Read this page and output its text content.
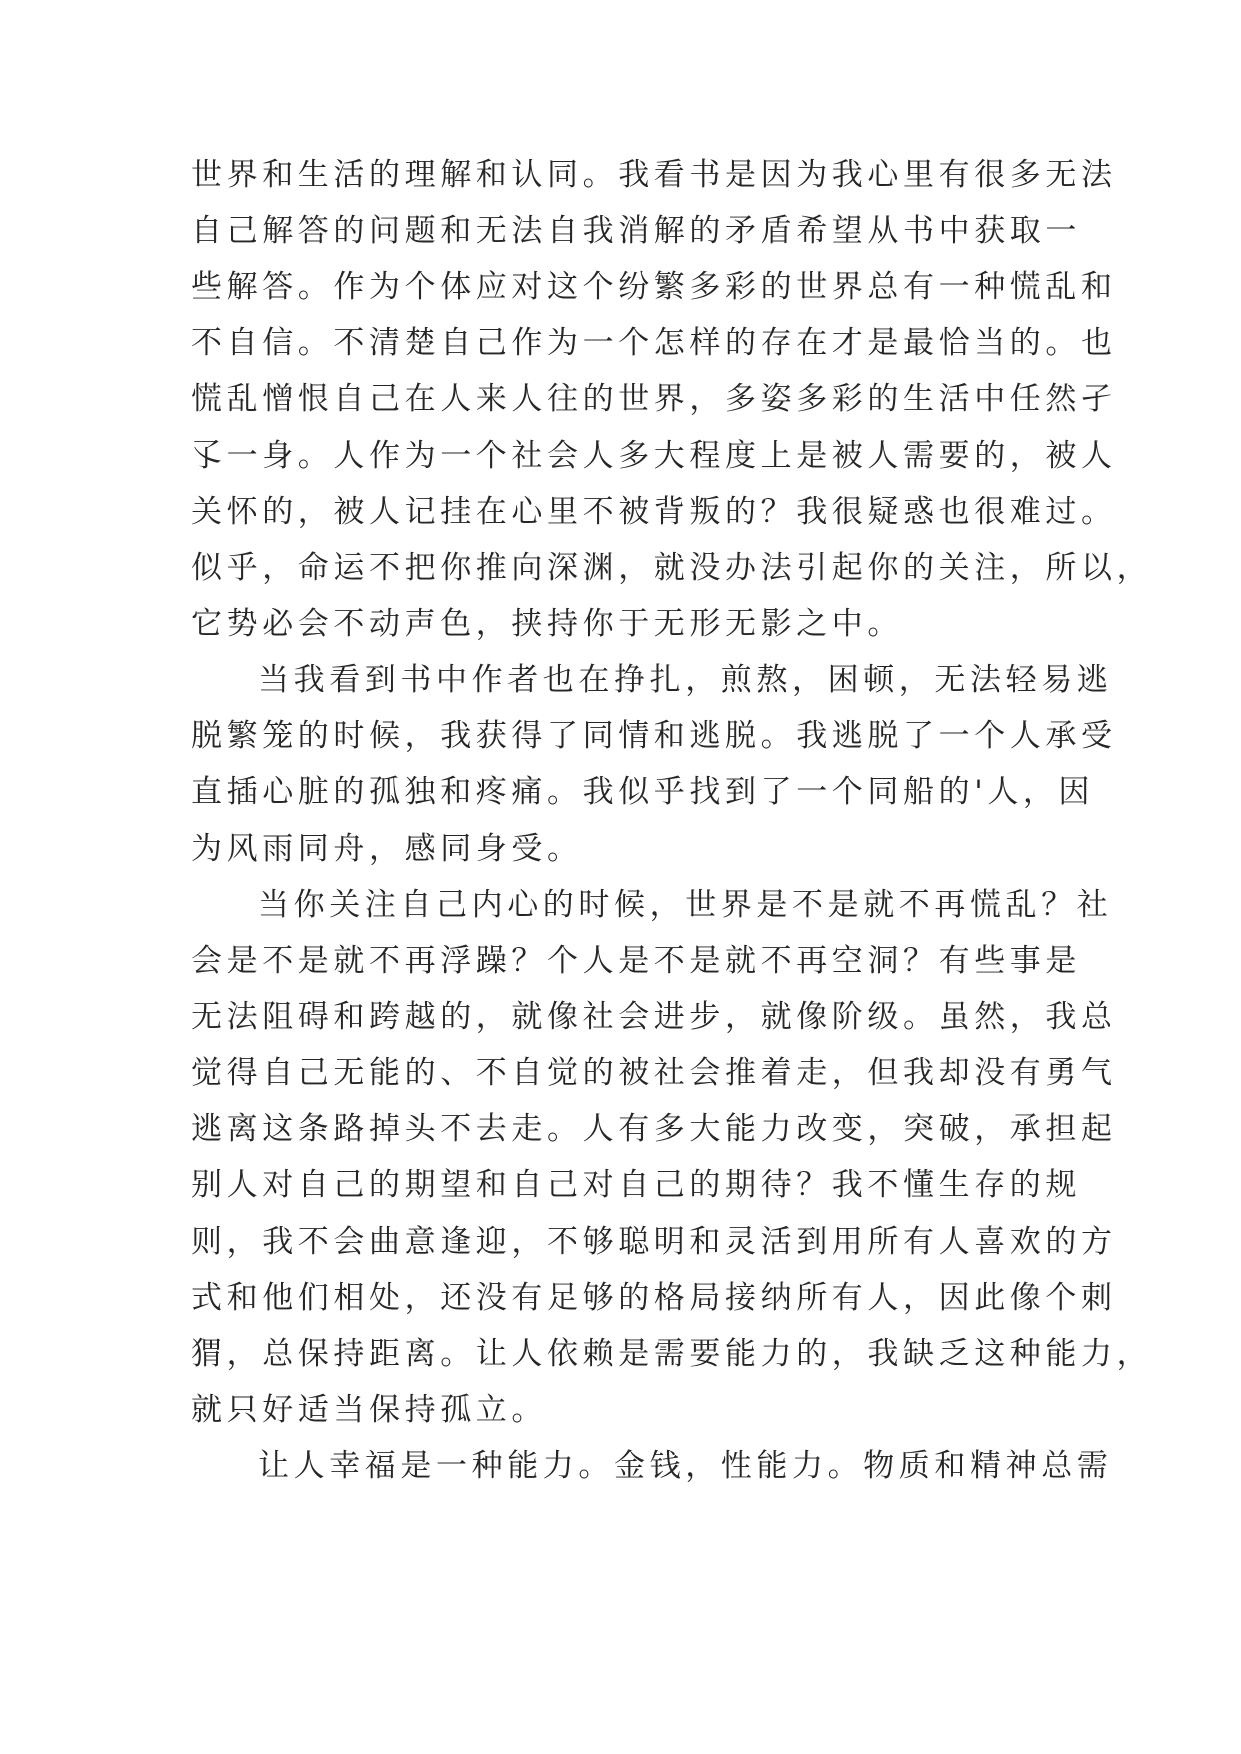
世界和生活的理解和认同。我看书是因为我心里有很多无法

自己解答的问题和无法自我消解的矛盾希望从书中获取一

些解答。作为个体应对这个纷繁多彩的世界总有一种慌乱和

不自信。不清楚自己作为一个怎样的存在才是最恰当的。也

慌乱憎恨自己在人来人往的世界，多姿多彩的生活中任然孑

孓一身。人作为一个社会人多大程度上是被人需要的，被人

关怀的，被人记挂在心里不被背叛的？我很疑惑也很难过。

似乎，命运不把你推向深渊，就没办法引起你的关注，所以，

它势必会不动声色，挟持你于无形无影之中。

当我看到书中作者也在挣扎，煎熬，困顿，无法轻易逃

脱繁笼的时候，我获得了同情和逃脱。我逃脱了一个人承受

直插心脏的孤独和疼痛。我似乎找到了一个同船的'人，因

为风雨同舟，感同身受。

当你关注自己内心的时候，世界是不是就不再慌乱？社

会是不是就不再浮躁？个人是不是就不再空洞？有些事是

无法阻碍和跨越的，就像社会进步，就像阶级。虽然，我总

觉得自己无能的、不自觉的被社会推着走，但我却没有勇气

逃离这条路掉头不去走。人有多大能力改变，突破，承担起

别人对自己的期望和自己对自己的期待？我不懂生存的规

则，我不会曲意逢迎，不够聪明和灵活到用所有人喜欢的方

式和他们相处，还没有足够的格局接纳所有人，因此像个刺

猬，总保持距离。让人依赖是需要能力的，我缺乏这种能力，

就只好适当保持孤立。

让人幸福是一种能力。金钱，性能力。物质和精神总需
